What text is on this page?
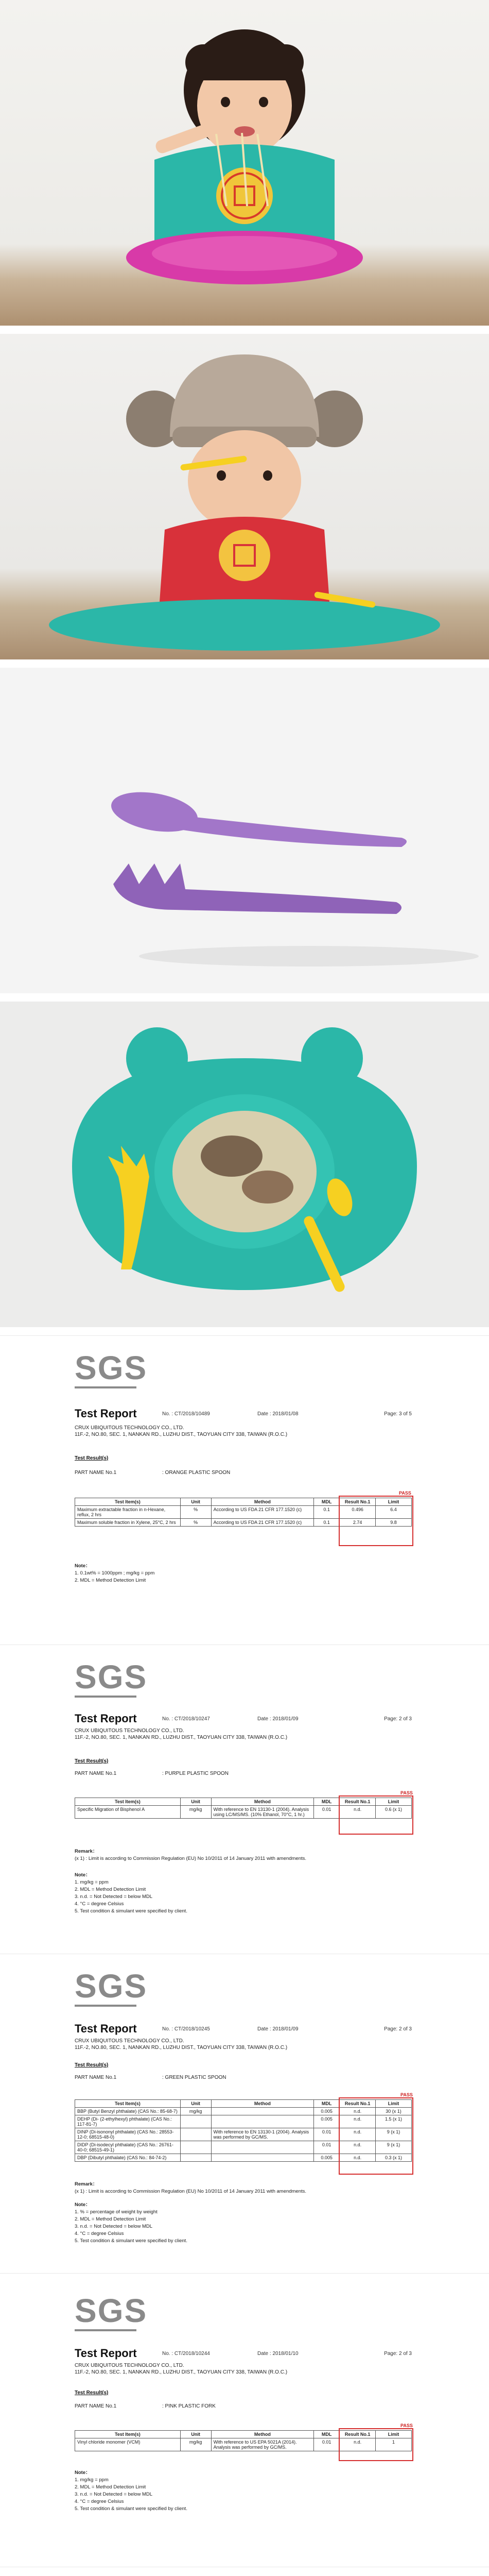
SGS
Test Report	No. : CT/2018/10489	Date : 2018/01/08	Page: 3 of 5
CRUX UBIQUITOUS TECHNOLOGY CO., LTD.
11F.-2, NO.80, SEC. 1, NANKAN RD., LUZHU DIST., TAOYUAN CITY 338, TAIWAN (R.O.C.)
Test Result(s)
PART NAME No.1	: ORANGE PLASTIC SPOON
PASS
Test Item(s)	Unit	Method	MDL	Result No.1	Limit
Maximum extractable fraction in n-Hexane, reflux, 2 hrs	%	According to US FDA 21 CFR 177.1520 (c)	0.1	0.496	6.4
Maximum soluble fraction in Xylene, 25°C, 2 hrs	%	According to US FDA 21 CFR 177.1520 (c)	0.1	2.74	9.8
Note：
1. 0.1wt% = 1000ppm ; mg/kg = ppm
2. MDL = Method Detection Limit
SGS
Test Report	No. : CT/2018/10247	Date : 2018/01/09	Page: 2 of 3
CRUX UBIQUITOUS TECHNOLOGY CO., LTD.
11F.-2, NO.80, SEC. 1, NANKAN RD., LUZHU DIST., TAOYUAN CITY 338, TAIWAN (R.O.C.)
Test Result(s)
PART NAME No.1	: PURPLE PLASTIC SPOON
PASS
Test Item(s)	Unit	Method	MDL	Result No.1	Limit
Specific Migration of Bisphenol A	mg/kg	With reference to EN 13130-1 (2004). Analysis using LC/MS/MS. (10% Ethanol, 70°C, 1 hr.)	0.01	n.d.	0.6 (x 1)
Remark：
(x 1) : Limit is according to Commission Regulation (EU) No 10/2011 of 14 January 2011 with amendments.
Note：
1. mg/kg = ppm
2. MDL = Method Detection Limit
3. n.d. = Not Detected = below MDL
4. °C = degree Celsius
5. Test condition & simulant were specified by client.
SGS
Test Report	No. : CT/2018/10245	Date : 2018/01/09	Page: 2 of 3
CRUX UBIQUITOUS TECHNOLOGY CO., LTD.
11F.-2, NO.80, SEC. 1, NANKAN RD., LUZHU DIST., TAOYUAN CITY 338, TAIWAN (R.O.C.)
Test Result(s)
PART NAME No.1	: GREEN PLASTIC SPOON
PASS
Test Item(s)	Unit	Method	MDL	Result No.1	Limit
BBP (Butyl Benzyl phthalate) (CAS No.: 85-68-7)	mg/kg		0.005	n.d.	30 (x 1)
DEHP (Di- (2-ethylhexyl) phthalate) (CAS No.: 117-81-7)			0.005	n.d.	1.5 (x 1)
DINP (Di-isononyl phthalate) (CAS No.: 28553-12-0; 68515-48-0)		With reference to EN 13130-1 (2004). Analysis was performed by GC/MS.	0.01	n.d.	9 (x 1)
DIDP (Di-isodecyl phthalate) (CAS No.: 26761-40-0; 68515-49-1)			0.01	n.d.	9 (x 1)
DBP (Dibutyl phthalate) (CAS No.: 84-74-2)			0.005	n.d.	0.3 (x 1)
Remark：
(x 1) : Limit is according to Commission Regulation (EU) No 10/2011 of 14 January 2011 with amendments.
Note：
1. % = percentage of weight by weight
2. MDL = Method Detection Limit
3. n.d. = Not Detected = below MDL
4. °C = degree Celsius
5. Test condition & simulant were specified by client.
SGS
Test Report	No. : CT/2018/10244	Date : 2018/01/10	Page: 2 of 3
CRUX UBIQUITOUS TECHNOLOGY CO., LTD.
11F.-2, NO.80, SEC. 1, NANKAN RD., LUZHU DIST., TAOYUAN CITY 338, TAIWAN (R.O.C.)
Test Result(s)
PART NAME No.1	: PINK PLASTIC FORK
PASS
Test Item(s)	Unit	Method	MDL	Result No.1	Limit
Vinyl chloride monomer (VCM)	mg/kg	With reference to US EPA 5021A (2014). Analysis was performed by GC/MS.	0.01	n.d.	1
Note：
1. mg/kg = ppm
2. MDL = Method Detection Limit
3. n.d. = Not Detected = below MDL
4. °C = degree Celsius
5. Test condition & simulant were specified by client.
